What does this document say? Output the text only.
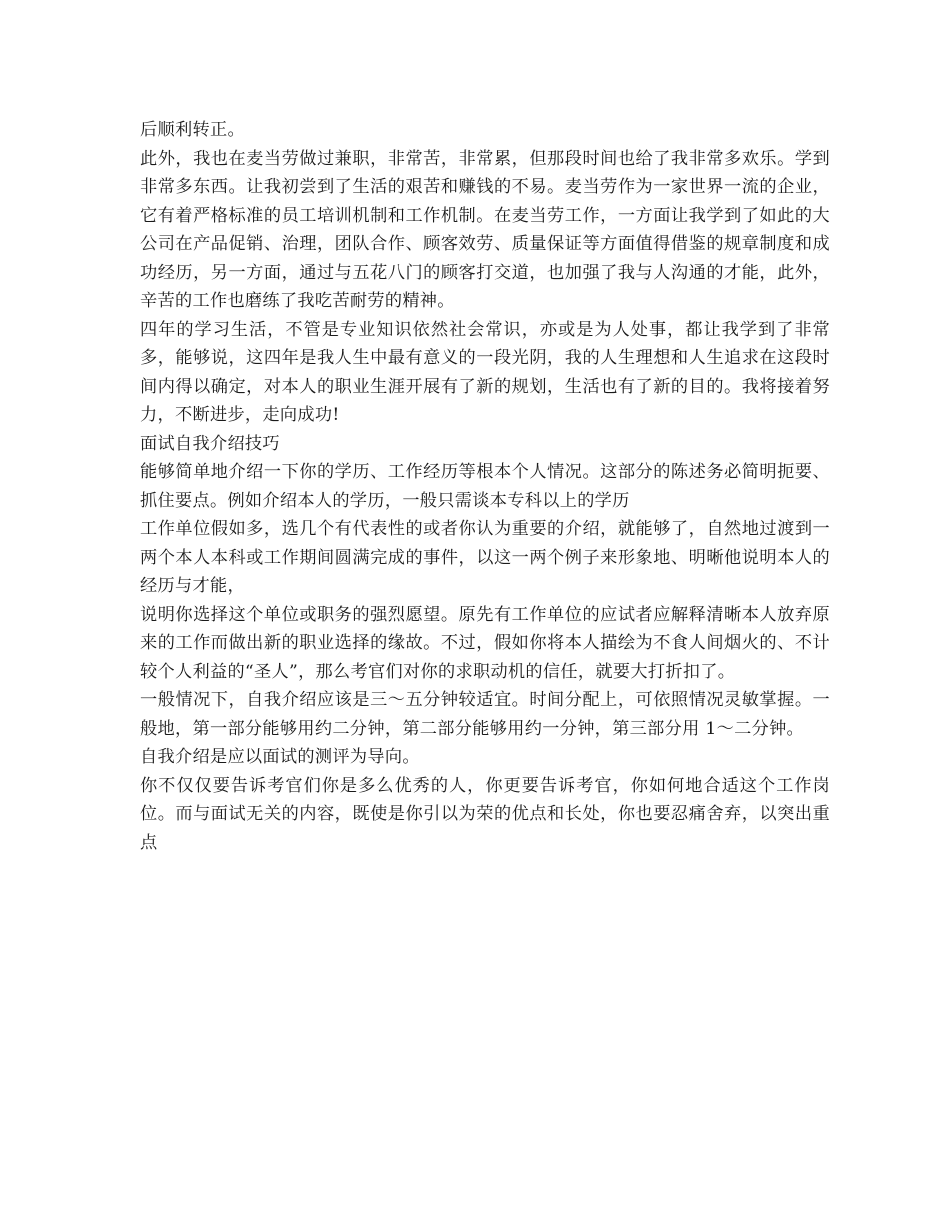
后顺利转正。

此外，我也在麦当劳做过兼职，非常苦，非常累，但那段时间也给了我非常多欢乐。学到非常多东西。让我初尝到了生活的艰苦和赚钱的不易。麦当劳作为一家世界一流的企业，它有着严格标准的员工培训机制和工作机制。在麦当劳工作，一方面让我学到了如此的大公司在产品促销、治理，团队合作、顾客效劳、质量保证等方面值得借鉴的规章制度和成功经历，另一方面，通过与五花八门的顾客打交道，也加强了我与人沟通的才能，此外，辛苦的工作也磨练了我吃苦耐劳的精神。

四年的学习生活，不管是专业知识依然社会常识，亦或是为人处事，都让我学到了非常多，能够说，这四年是我人生中最有意义的一段光阴，我的人生理想和人生追求在这段时间内得以确定，对本人的职业生涯开展有了新的规划，生活也有了新的目的。我将接着努力，不断进步，走向成功!

面试自我介绍技巧

能够简单地介绍一下你的学历、工作经历等根本个人情况。这部分的陈述务必简明扼要、抓住要点。例如介绍本人的学历，一般只需谈本专科以上的学历

工作单位假如多，选几个有代表性的或者你认为重要的介绍，就能够了，自然地过渡到一两个本人本科或工作期间圆满完成的事件，以这一两个例子来形象地、明晰他说明本人的经历与才能，

说明你选择这个单位或职务的强烈愿望。原先有工作单位的应试者应解释清晰本人放弃原来的工作而做出新的职业选择的缘故。不过，假如你将本人描绘为不食人间烟火的、不计较个人利益的“圣人”，那么考官们对你的求职动机的信任，就要大打折扣了。

一般情况下，自我介绍应该是三～五分钟较适宜。时间分配上，可依照情况灵敏掌握。一般地，第一部分能够用约二分钟，第二部分能够用约一分钟，第三部分用 1～二分钟。

自我介绍是应以面试的测评为导向。

你不仅仅要告诉考官们你是多么优秀的人，你更要告诉考官，你如何地合适这个工作岗位。而与面试无关的内容，既使是你引以为荣的优点和长处，你也要忍痛舍弃，以突出重点
